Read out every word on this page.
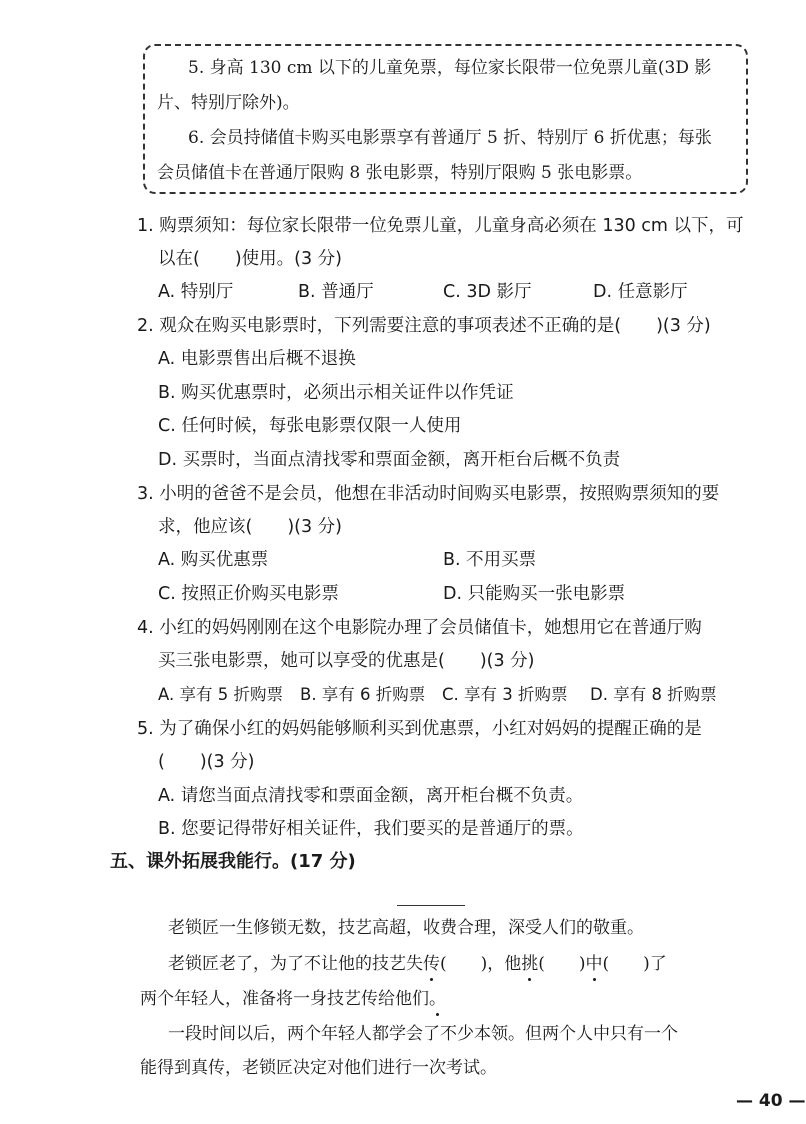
5. 身高 130 cm 以下的儿童免票，每位家长限带一位免票儿童(3D 影
片、特别厅除外)。
6. 会员持储值卡购买电影票享有普通厅 5 折、特别厅 6 折优惠；每张
会员储值卡在普通厅限购 8 张电影票，特别厅限购 5 张电影票。
1. 购票须知：每位家长限带一位免票儿童，儿童身高必须在 130 cm 以下，可
以在(　　)使用。(3 分)
A. 特别厅	B. 普通厅	C. 3D 影厅	D. 任意影厅
2. 观众在购买电影票时，下列需要注意的事项表述不正确的是(　　)(3 分)
A. 电影票售出后概不退换
B. 购买优惠票时，必须出示相关证件以作凭证
C. 任何时候，每张电影票仅限一人使用
D. 买票时，当面点清找零和票面金额，离开柜台后概不负责
3. 小明的爸爸不是会员，他想在非活动时间购买电影票，按照购票须知的要
求，他应该(　　)(3 分)
A. 购买优惠票	B. 不用买票
C. 按照正价购买电影票	D. 只能购买一张电影票
4. 小红的妈妈刚刚在这个电影院办理了会员储值卡，她想用它在普通厅购
买三张电影票，她可以享受的优惠是(　　)(3 分)
A. 享有 5 折购票 B. 享有 6 折购票 C. 享有 3 折购票 D. 享有 8 折购票
5. 为了确保小红的妈妈能够顺利买到优惠票，小红对妈妈的提醒正确的是
(　　)(3 分)
A. 请您当面点清找零和票面金额，离开柜台概不负责。
B. 您要记得带好相关证件，我们要买的是普通厅的票。
五、课外拓展我能行。(17 分)
老锁匠一生修锁无数，技艺高超，收费合理，深受人们的敬重。
老锁匠老了，为了不让他的技艺失传(　　)，他挑(　　)中(　　)了
两个年轻人，准备将一身技艺传给他们。
一段时间以后，两个年轻人都学会了不少本领。但两个人中只有一个
能得到真传，老锁匠决定对他们进行一次考试。
— 40 —
